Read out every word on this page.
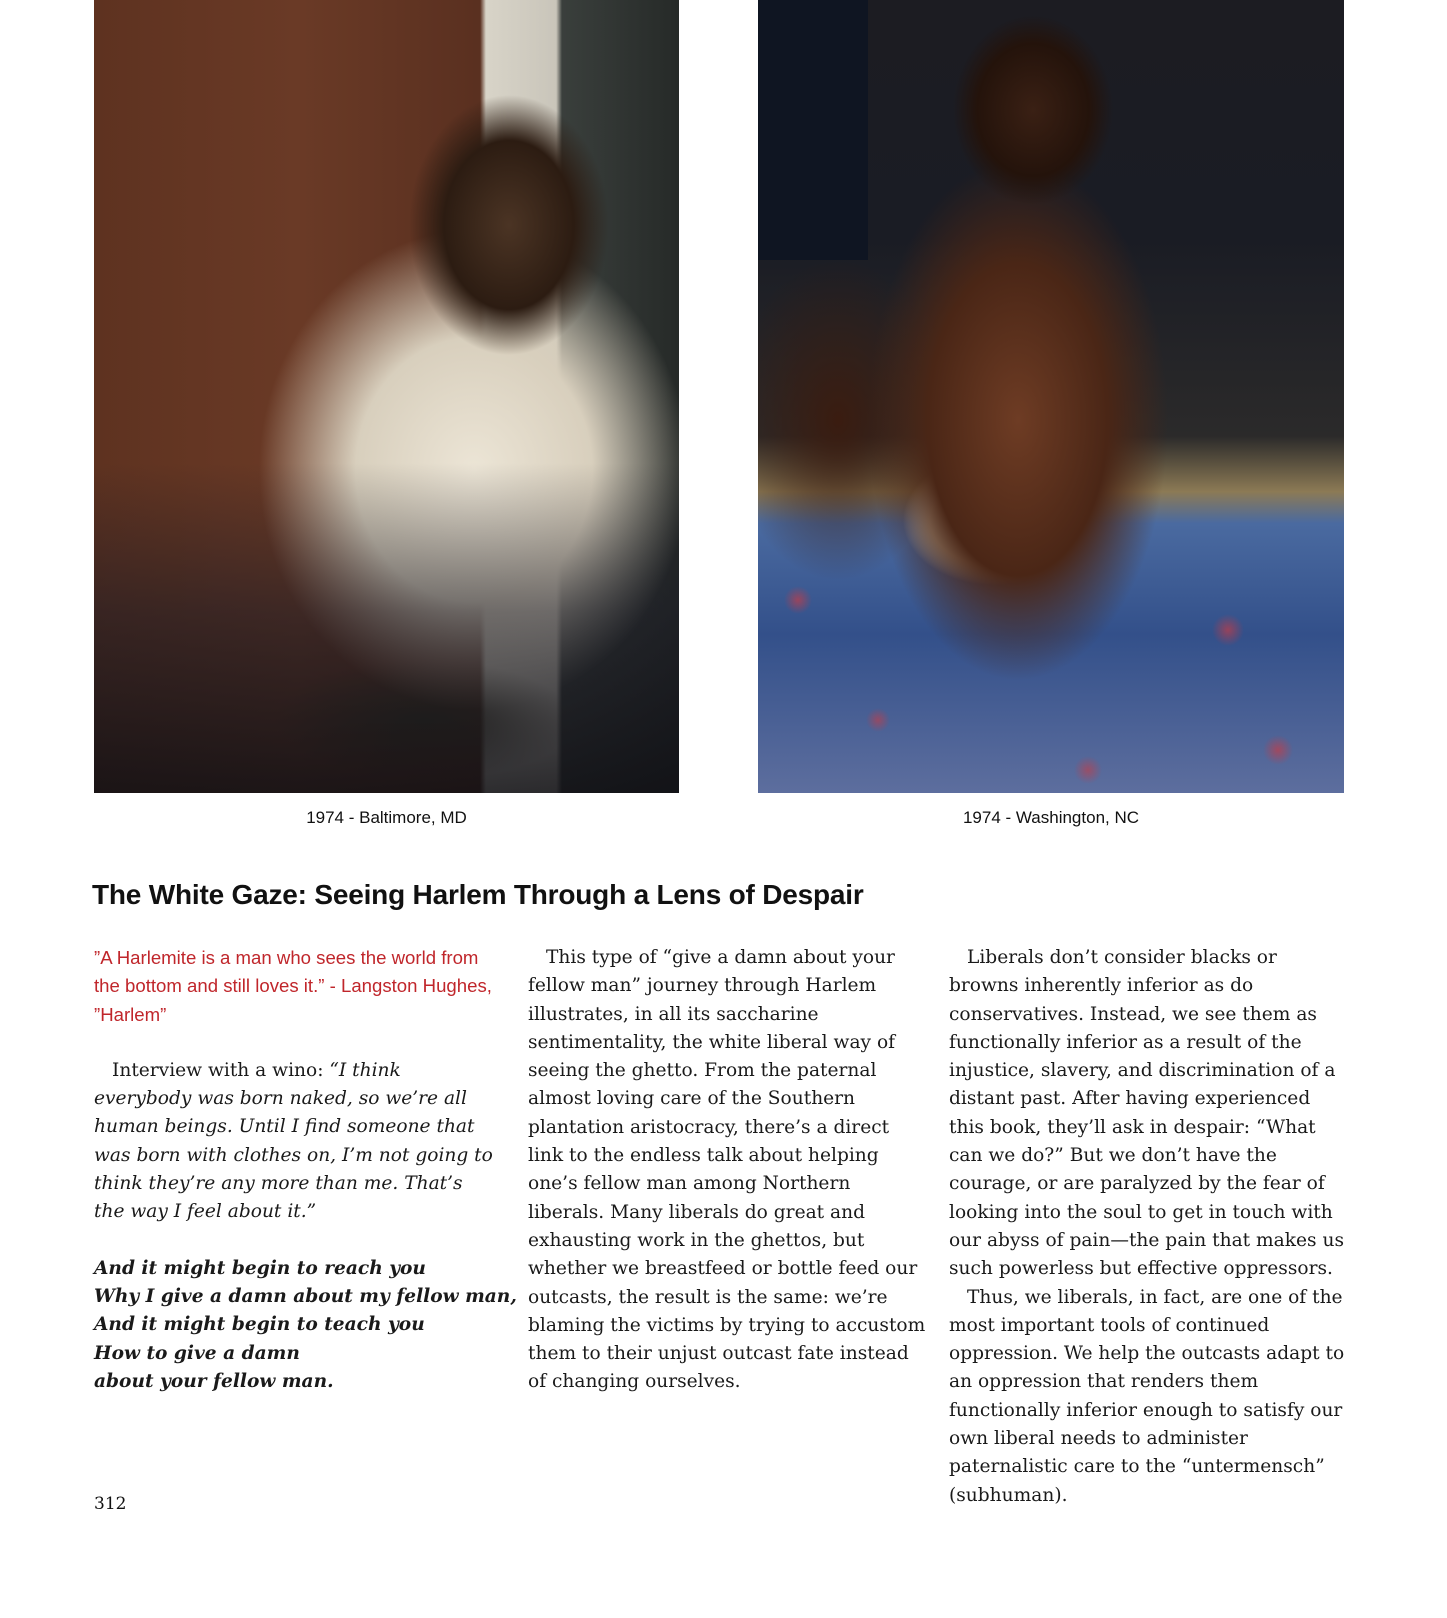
1974 - Baltimore, MD	1974 - Washington, NC

The White Gaze: Seeing Harlem Through a Lens of Despair

”A Harlemite is a man who sees the world from the bottom and still loves it.” - Langston Hughes, ”Harlem”

Interview with a wino: “I think everybody was born naked, so we’re all human beings. Until I find someone that was born with clothes on, I’m not going to think they’re any more than me. That’s the way I feel about it.”

And it might begin to reach you
Why I give a damn about my fellow man,
And it might begin to teach you
How to give a damn
about your fellow man.

This type of “give a damn about your fellow man” journey through Harlem illustrates, in all its saccharine sentimentality, the white liberal way of seeing the ghetto. From the paternal almost loving care of the Southern plantation aristocracy, there’s a direct link to the endless talk about helping one’s fellow man among Northern liberals. Many liberals do great and exhausting work in the ghettos, but whether we breastfeed or bottle feed our outcasts, the result is the same: we’re blaming the victims by trying to accustom them to their unjust outcast fate instead of changing ourselves.

Liberals don’t consider blacks or browns inherently inferior as do conservatives. Instead, we see them as functionally inferior as a result of the injustice, slavery, and discrimination of a distant past. After having experienced this book, they’ll ask in despair: “What can we do?” But we don’t have the courage, or are paralyzed by the fear of looking into the soul to get in touch with our abyss of pain—the pain that makes us such powerless but effective oppressors.

Thus, we liberals, in fact, are one of the most important tools of continued oppression. We help the outcasts adapt to an oppression that renders them functionally inferior enough to satisfy our own liberal needs to administer paternalistic care to the “untermensch” (subhuman).

312
